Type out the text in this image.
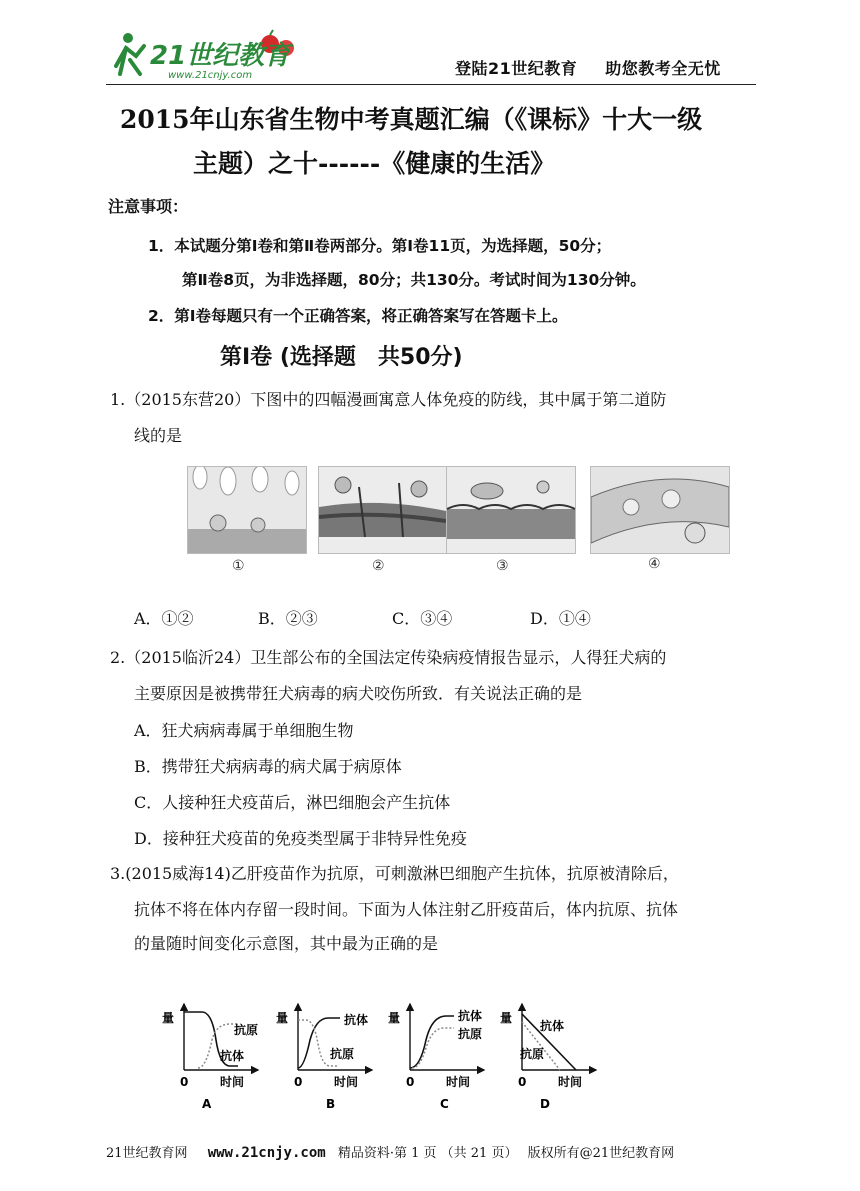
21世纪教育
www.21cnjy.com	登陆21世纪教育 助您教考全无忧
2015年山东省生物中考真题汇编（《课标》十大一级
主题）之十------《健康的生活》
注意事项：
1．本试题分第Ⅰ卷和第Ⅱ卷两部分。第Ⅰ卷11页，为选择题，50分；
第Ⅱ卷8页，为非选择题，80分；共130分。考试时间为130分钟。
2．第Ⅰ卷每题只有一个正确答案，将正确答案写在答题卡上。
第Ⅰ卷 (选择题　共50分)
1.（2015东营20）下图中的四幅漫画寓意人体免疫的防线，其中属于第二道防
线的是
①	②	③	④
A．①②	B．②③	C．③④	D．①④
2.（2015临沂24）卫生部公布的全国法定传染病疫情报告显示，人得狂犬病的
主要原因是被携带狂犬病毒的病犬咬伤所致．有关说法正确的是
A．狂犬病病毒属于单细胞生物
B．携带狂犬病病毒的病犬属于病原体
C．人接种狂犬疫苗后，淋巴细胞会产生抗体
D．接种狂犬疫苗的免疫类型属于非特异性免疫
3.(2015威海14)乙肝疫苗作为抗原，可刺激淋巴细胞产生抗体，抗原被清除后，
抗体不将在体内存留一段时间。下面为人体注射乙肝疫苗后，体内抗原、抗体
的量随时间变化示意图，其中最为正确的是
量
0	时间
抗原
抗体
A
量
0	时间
抗体
抗原
B
量
0	时间
抗体
抗原
C
量
0	时间
抗体
抗原
D
21世纪教育网 www.21cnjy.com 精品资料·第 1 页 （共 21 页） 版权所有@21世纪教育网
